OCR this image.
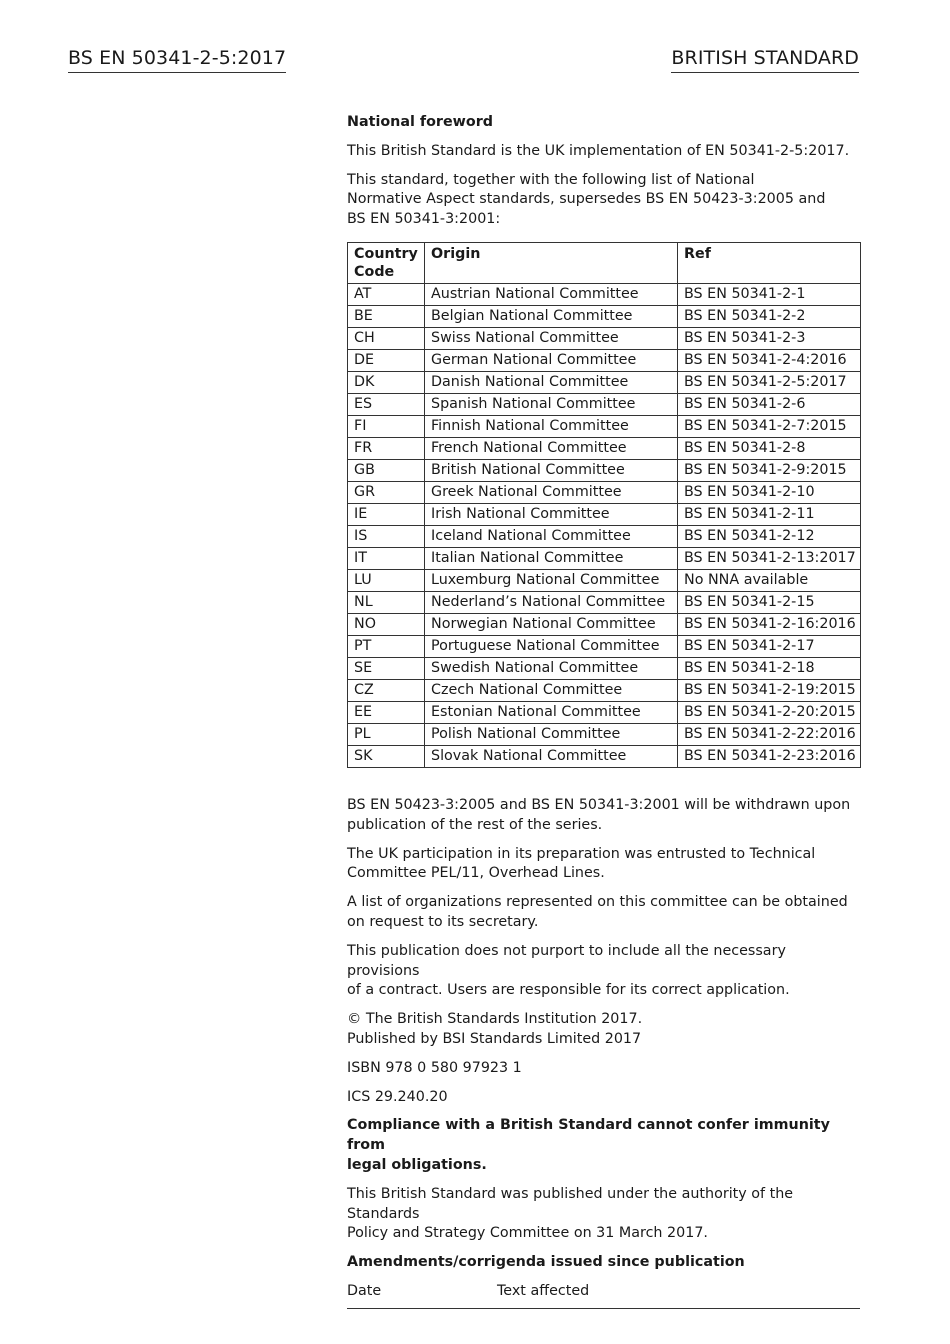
BS EN 50341-2-5:2017	BRITISH STANDARD

National foreword

This British Standard is the UK implementation of EN 50341-2-5:2017.

This standard, together with the following list of National
Normative Aspect standards, supersedes BS EN 50423-3:2005 and
BS EN 50341-3:2001:

Country
Code	Origin	Ref
AT	Austrian National Committee	BS EN 50341-2-1
BE	Belgian National Committee	BS EN 50341-2-2
CH	Swiss National Committee	BS EN 50341-2-3
DE	German National Committee	BS EN 50341-2-4:2016
DK	Danish National Committee	BS EN 50341-2-5:2017
ES	Spanish National Committee	BS EN 50341-2-6
FI	Finnish National Committee	BS EN 50341-2-7:2015
FR	French National Committee	BS EN 50341-2-8
GB	British National Committee	BS EN 50341-2-9:2015
GR	Greek National Committee	BS EN 50341-2-10
IE	Irish National Committee	BS EN 50341-2-11
IS	Iceland National Committee	BS EN 50341-2-12
IT	Italian National Committee	BS EN 50341-2-13:2017
LU	Luxemburg National Committee	No NNA available
NL	Nederland’s National Committee	BS EN 50341-2-15
NO	Norwegian National Committee	BS EN 50341-2-16:2016
PT	Portuguese National Committee	BS EN 50341-2-17
SE	Swedish National Committee	BS EN 50341-2-18
CZ	Czech National Committee	BS EN 50341-2-19:2015
EE	Estonian National Committee	BS EN 50341-2-20:2015
PL	Polish National Committee	BS EN 50341-2-22:2016
SK	Slovak National Committee	BS EN 50341-2-23:2016

BS EN 50423-3:2005 and BS EN 50341-3:2001 will be withdrawn upon
publication of the rest of the series.

The UK participation in its preparation was entrusted to Technical
Committee PEL/11, Overhead Lines.

A list of organizations represented on this committee can be obtained
on request to its secretary.

This publication does not purport to include all the necessary provisions
of a contract. Users are responsible for its correct application.

© The British Standards Institution 2017.
Published by BSI Standards Limited 2017

ISBN 978 0 580 97923 1

ICS 29.240.20

Compliance with a British Standard cannot confer immunity from
legal obligations.

This British Standard was published under the authority of the Standards
Policy and Strategy Committee on 31 March 2017.

Amendments/corrigenda issued since publication

Date	Text affected
